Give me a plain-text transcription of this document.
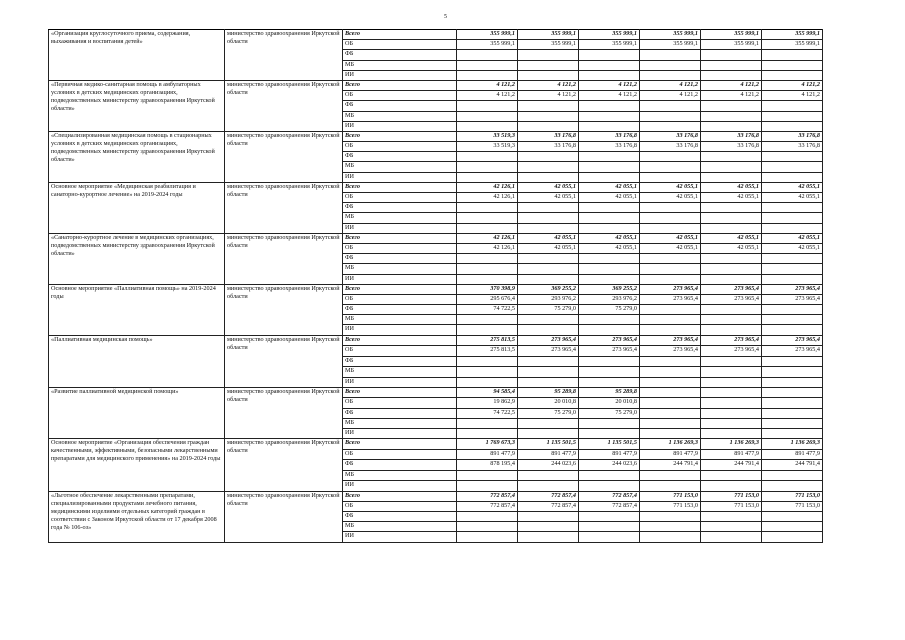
5
«Организация круглосуточного приема, содержания, выхаживания и воспитания детей»	министерство здравоохранения Иркутской области	Всего	355 999,1	355 999,1	355 999,1	355 999,1	355 999,1	355 999,1
		ОБ	355 999,1	355 999,1	355 999,1	355 999,1	355 999,1	355 999,1
		ФБ						
		МБ						
		ИИ						
«Первичная медико-санитарная помощь в амбулаторных условиях в детских медицинских организациях, подведомственных министерству здравоохранения Иркутской области»	министерство здравоохранения Иркутской области	Всего	4 121,2	4 121,2	4 121,2	4 121,2	4 121,2	4 121,2
		ОБ	4 121,2	4 121,2	4 121,2	4 121,2	4 121,2	4 121,2
		ФБ						
		МБ						
		ИИ						
«Специализированная медицинская помощь в стационарных условиях в детских медицинских организациях, подведомственных министерству здравоохранения Иркутской области»	министерство здравоохранения Иркутской области	Всего	33 519,3	33 176,8	33 176,8	33 176,8	33 176,8	33 176,8
		ОБ	33 519,3	33 176,8	33 176,8	33 176,8	33 176,8	33 176,8
		ФБ						
		МБ						
		ИИ						
Основное мероприятие «Медицинская реабилитация и санаторно-курортное лечение» на 2019-2024 годы	министерство здравоохранения Иркутской области	Всего	42 126,1	42 055,1	42 055,1	42 055,1	42 055,1	42 055,1
		ОБ	42 126,1	42 055,1	42 055,1	42 055,1	42 055,1	42 055,1
		ФБ						
		МБ						
		ИИ						
«Санаторно-курортное лечение в медицинских организациях, подведомственных министерству здравоохранения Иркутской области»	министерство здравоохранения Иркутской области	Всего	42 126,1	42 055,1	42 055,1	42 055,1	42 055,1	42 055,1
		ОБ	42 126,1	42 055,1	42 055,1	42 055,1	42 055,1	42 055,1
		ФБ						
		МБ						
		ИИ						
Основное мероприятие «Паллиативная помощь» на 2019-2024 годы	министерство здравоохранения Иркутской области	Всего	370 398,9	369 255,2	369 255,2	273 965,4	273 965,4	273 965,4
		ОБ	295 676,4	293 976,2	293 976,2	273 965,4	273 965,4	273 965,4
		ФБ	74 722,5	75 279,0	75 279,0			
		МБ						
		ИИ						
«Паллиативная медицинская помощь»	министерство здравоохранения Иркутской области	Всего	275 813,5	273 965,4	273 965,4	273 965,4	273 965,4	273 965,4
		ОБ	275 813,5	273 965,4	273 965,4	273 965,4	273 965,4	273 965,4
		ФБ						
		МБ						
		ИИ						
«Развитие паллиативной медицинской помощи»	министерство здравоохранения Иркутской области	Всего	94 585,4	95 289,8	95 289,8			
		ОБ	19 862,9	20 010,8	20 010,8			
		ФБ	74 722,5	75 279,0	75 279,0			
		МБ						
		ИИ						
Основное мероприятие «Организация обеспечения граждан качественными, эффективными, безопасными лекарственными препаратами для медицинского применения» на 2019-2024 годы	министерство здравоохранения Иркутской области	Всего	1 769 673,3	1 135 501,5	1 135 501,5	1 136 269,3	1 136 269,3	1 136 269,3
		ОБ	891 477,9	891 477,9	891 477,9	891 477,9	891 477,9	891 477,9
		ФБ	878 195,4	244 023,6	244 023,6	244 791,4	244 791,4	244 791,4
		МБ						
		ИИ						
«Льготное обеспечение лекарственными препаратами, специализированными продуктами лечебного питания, медицинскими изделиями отдельных категорий граждан в соответствии с Законом Иркутской области от 17 декабря 2008 года № 106-оз»	министерство здравоохранения Иркутской области	Всего	772 857,4	772 857,4	772 857,4	771 153,0	771 153,0	771 153,0
		ОБ	772 857,4	772 857,4	772 857,4	771 153,0	771 153,0	771 153,0
		ФБ						
		МБ						
		ИИ						
